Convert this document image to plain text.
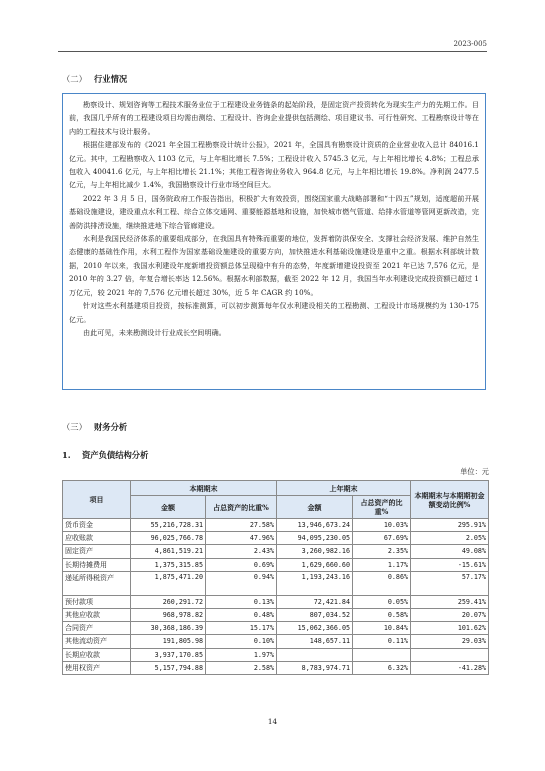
2023-005
（二） 行业情况

勘察设计、规划咨询等工程技术服务业位于工程建设业务链条的起始阶段，是固定资产投资转化为现实生产力的先期工作。目前，我国几乎所有的工程建设项目均需由测绘、工程设计、咨询企业提供包括测绘、项目建议书、可行性研究、工程勘察设计等在内的工程技术与设计服务。

根据住建部发布的《2021 年全国工程勘察设计统计公报》，2021 年，全国具有勘察设计资质的企业营业收入总计 84016.1 亿元。其中，工程勘察收入 1103 亿元，与上年相比增长 7.5%；工程设计收入 5745.3 亿元，与上年相比增长 4.8%；工程总承包收入 40041.6 亿元，与上年相比增长 21.1%；其他工程咨询业务收入 964.8 亿元，与上年相比增长 19.8%。净利润 2477.5 亿元，与上年相比减少 1.4%，我国勘察设计行业市场空间巨大。

2022 年 3 月 5 日，国务院政府工作报告指出，积极扩大有效投资，围绕国家重大战略部署和“十四五”规划，适度超前开展基础设施建设，建设重点水利工程、综合立体交通网、重要能源基地和设施，加快城市燃气管道、给排水管道等管网更新改造，完善防洪排涝设施，继续推进地下综合管廊建设。

水利是我国民经济体系的重要组成部分，在我国具有特殊而重要的地位，发挥着防洪保安全、支撑社会经济发展、维护自然生态健康的基础性作用，水利工程作为国家基础设施建设的重要方向，加快推进水利基础设施建设是重中之重。根据水利部统计数据，2010 年以来，我国水利建设年度新增投资额总体呈现稳中有升的态势，年度新增建设投资至 2021 年已达 7,576 亿元，是 2010 年的 3.27 倍，年复合增长率达 12.56%。根据水利部数据，截至 2022 年 12 月，我国当年水利建设完成投资额已超过 1 万亿元，较 2021 年的 7,576 亿元增长超过 30%，近 5 年 CAGR 约 10%。

针对这些水利基建项目投资，按标准测算，可以初步测算每年仅水利建设相关的工程勘测、工程设计市场规模约为 130-175 亿元。

由此可见，未来勘测设计行业成长空间明确。

（三） 财务分析
1. 资产负债结构分析
单位：元
项目	本期期末		上年期末		本期期末与本期期初金额变动比例%
	金额	占总资产的比重%	金额	占总资产的比重%	
货币资金	55,216,728.31	27.58%	13,946,673.24	10.03%	295.91%
应收账款	96,025,766.78	47.96%	94,095,230.05	67.69%	2.05%
固定资产	4,861,519.21	2.43%	3,260,982.16	2.35%	49.08%
长期待摊费用	1,375,315.85	0.69%	1,629,660.60	1.17%	-15.61%
递延所得税资产	1,875,471.20	0.94%	1,193,243.16	0.86%	57.17%
预付款项	260,291.72	0.13%	72,421.84	0.05%	259.41%
其他应收款	968,978.82	0.48%	807,034.52	0.58%	20.07%
合同资产	30,368,186.39	15.17%	15,062,366.05	10.84%	101.62%
其他流动资产	191,805.98	0.10%	148,657.11	0.11%	29.03%
长期应收款	3,937,170.85	1.97%			
使用权资产	5,157,794.88	2.58%	8,783,974.71	6.32%	-41.28%
14
